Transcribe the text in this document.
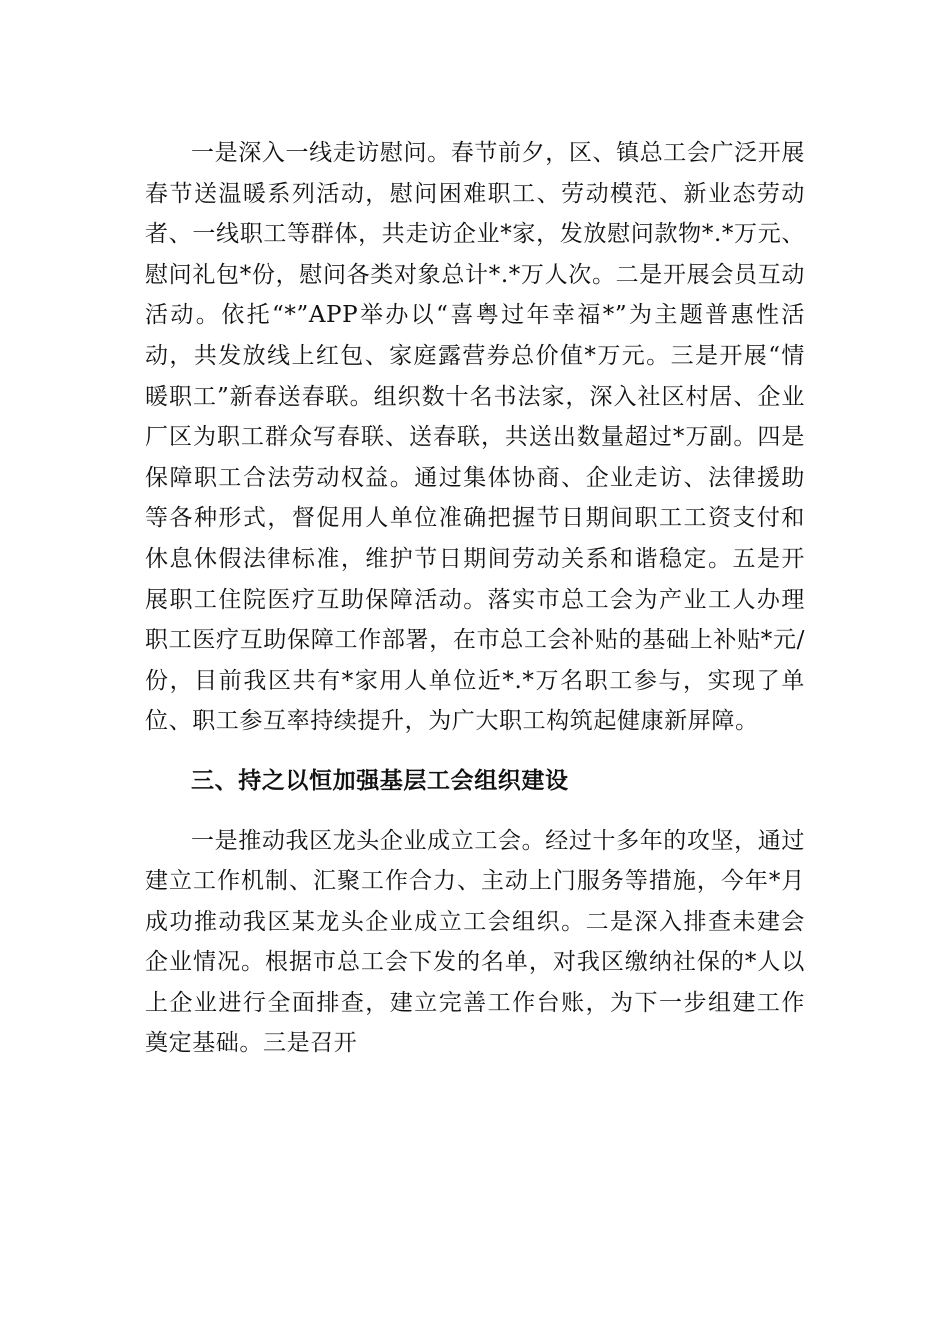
一是深入一线走访慰问。春节前夕，区、镇总工会广泛开展春节送温暖系列活动，慰问困难职工、劳动模范、新业态劳动者、一线职工等群体，共走访企业*家，发放慰问款物*.*万元、慰问礼包*份，慰问各类对象总计*.*万人次。二是开展会员互动活动。依托“*”APP举办以“喜粤过年幸福*”为主题普惠性活动，共发放线上红包、家庭露营券总价值*万元。三是开展“情暖职工”新春送春联。组织数十名书法家，深入社区村居、企业厂区为职工群众写春联、送春联，共送出数量超过*万副。四是保障职工合法劳动权益。通过集体协商、企业走访、法律援助等各种形式，督促用人单位准确把握节日期间职工工资支付和休息休假法律标准，维护节日期间劳动关系和谐稳定。五是开展职工住院医疗互助保障活动。落实市总工会为产业工人办理职工医疗互助保障工作部署，在市总工会补贴的基础上补贴*元/份，目前我区共有*家用人单位近*.*万名职工参与，实现了单位、职工参互率持续提升，为广大职工构筑起健康新屏障。

三、持之以恒加强基层工会组织建设

一是推动我区龙头企业成立工会。经过十多年的攻坚，通过建立工作机制、汇聚工作合力、主动上门服务等措施，今年*月成功推动我区某龙头企业成立工会组织。二是深入排查未建会企业情况。根据市总工会下发的名单，对我区缴纳社保的*人以上企业进行全面排查，建立完善工作台账，为下一步组建工作奠定基础。三是召开
